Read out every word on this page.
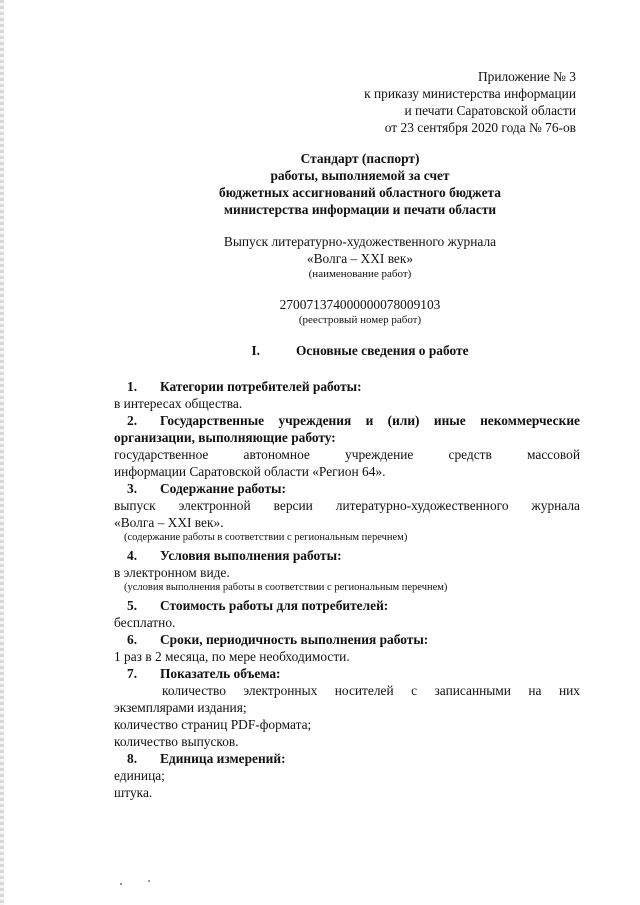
Приложение № 3
к приказу министерства информации
и печати Саратовской области
от 23 сентября 2020 года № 76-ов
Стандарт (паспорт)
работы, выполняемой за счет
бюджетных ассигнований областного бюджета
министерства информации и печати области
Выпуск литературно-художественного журнала
«Волга – XXI век»
(наименование работ)
270071374000000078009103
(реестровый номер работ)
I.	Основные сведения о работе
1. Категории потребителей работы:
в интересах общества.
2. Государственные учреждения и (или) иные некоммерческие
организации, выполняющие работу:
государственное автономное учреждение средств массовой
информации Саратовской области «Регион 64».
3. Содержание работы:
выпуск электронной версии литературно-художественного журнала
«Волга – XXI век».
(содержание работы в соответствии с региональным перечнем)
4. Условия выполнения работы:
в электронном виде.
(условия выполнения работы в соответствии с региональным перечнем)
5. Стоимость работы для потребителей:
бесплатно.
6. Сроки, периодичность выполнения работы:
1 раз в 2 месяца, по мере необходимости.
7. Показатель объема:
количество электронных носителей с записанными на них
экземплярами издания;
количество страниц PDF-формата;
количество выпусков.
8. Единица измерений:
единица;
штука.
